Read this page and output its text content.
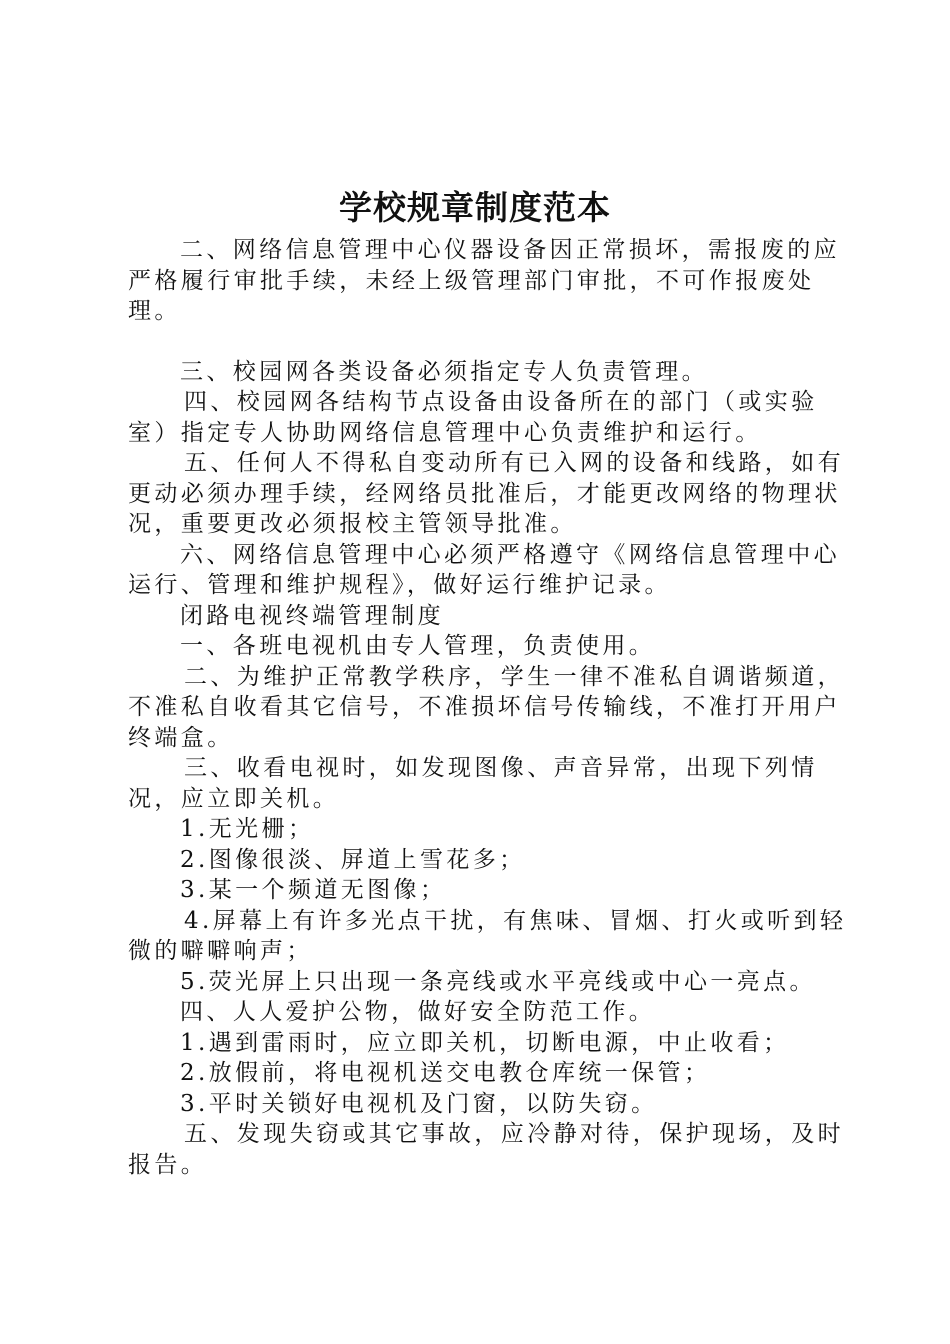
学校规章制度范本

二、网络信息管理中心仪器设备因正常损坏，需报废的应严格履行审批手续，未经上级管理部门审批，不可作报废处理。

三、校园网各类设备必须指定专人负责管理。

四、校园网各结构节点设备由设备所在的部门（或实验室）指定专人协助网络信息管理中心负责维护和运行。

五、任何人不得私自变动所有已入网的设备和线路，如有更动必须办理手续，经网络员批准后，才能更改网络的物理状况，重要更改必须报校主管领导批准。

六、网络信息管理中心必须严格遵守《网络信息管理中心运行、管理和维护规程》，做好运行维护记录。

闭路电视终端管理制度

一、各班电视机由专人管理，负责使用。

二、为维护正常教学秩序，学生一律不准私自调谐频道，不准私自收看其它信号，不准损坏信号传输线，不准打开用户终端盒。

三、收看电视时，如发现图像、声音异常，出现下列情况，应立即关机。

1.无光栅；

2.图像很淡、屏道上雪花多；

3.某一个频道无图像；

4.屏幕上有许多光点干扰，有焦味、冒烟、打火或听到轻微的噼噼响声；

5.荧光屏上只出现一条亮线或水平亮线或中心一亮点。

四、人人爱护公物，做好安全防范工作。

1.遇到雷雨时，应立即关机，切断电源，中止收看；

2.放假前，将电视机送交电教仓库统一保管；

3.平时关锁好电视机及门窗，以防失窃。

五、发现失窃或其它事故，应冷静对待，保护现场，及时报告。
